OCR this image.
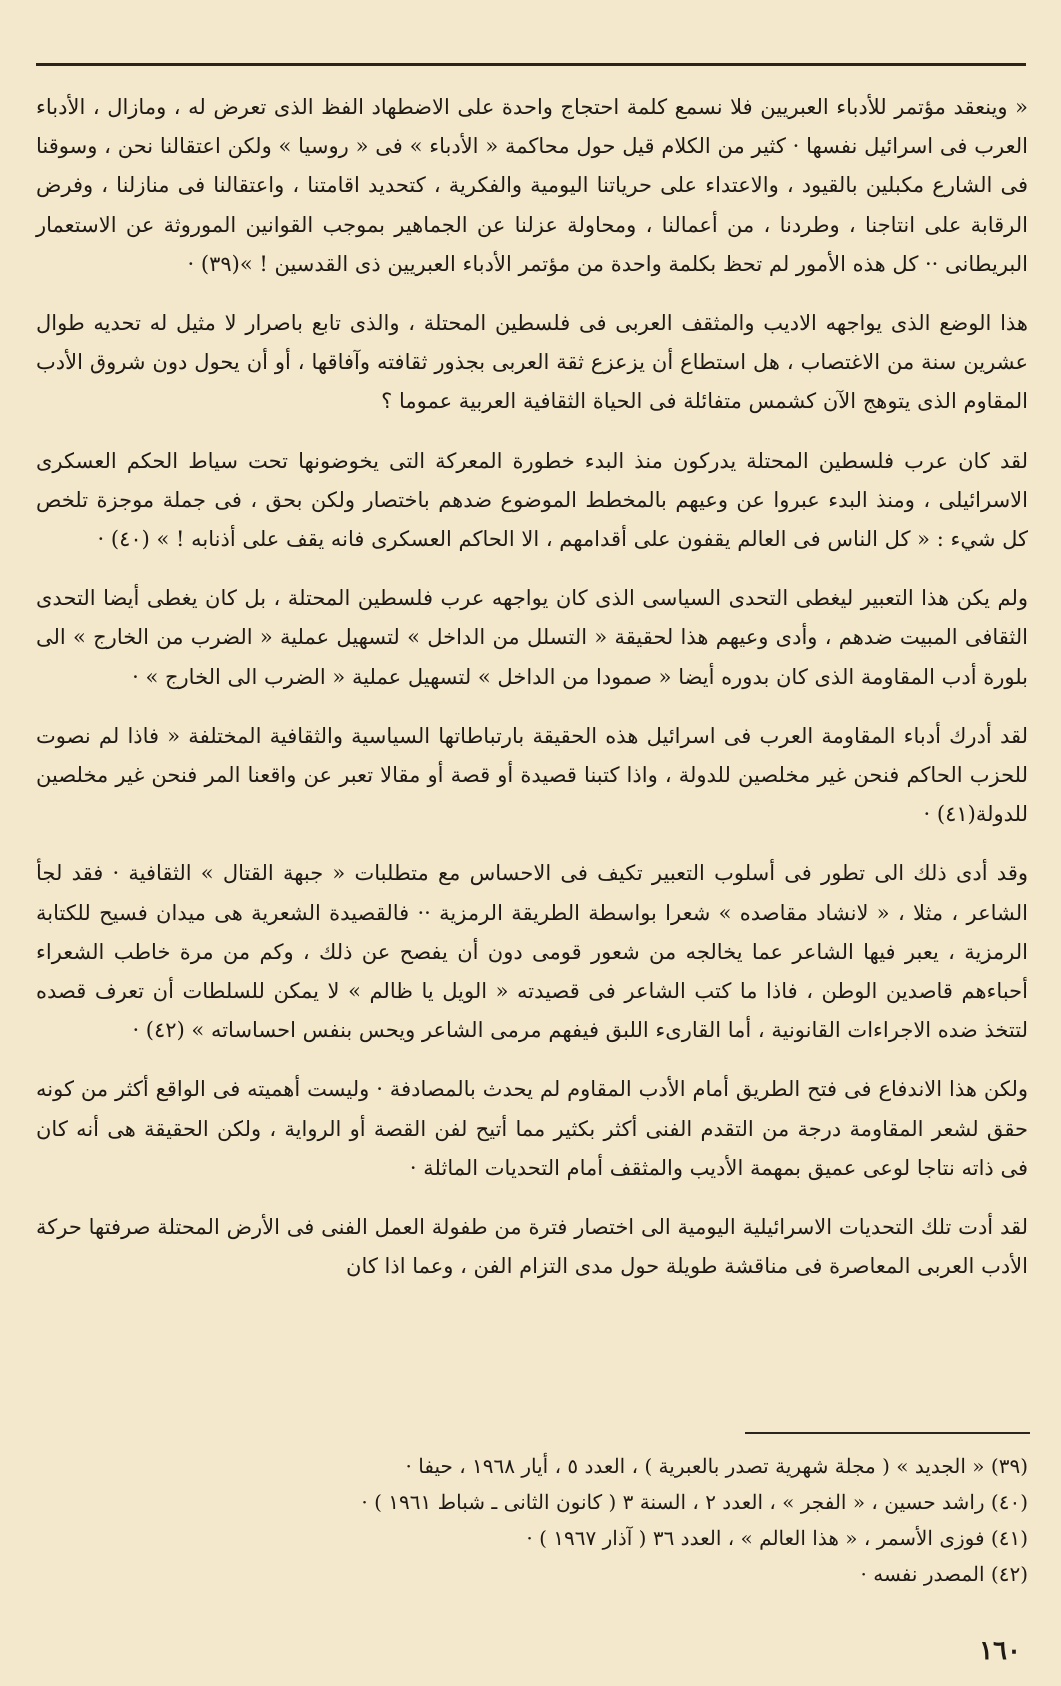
« وينعقد مؤتمر للأدباء العبريين فلا نسمع كلمة احتجاج واحدة على الاضطهاد الفظ الذى تعرض له ، ومازال ، الأدباء العرب فى اسرائيل نفسها · كثير من الكلام قيل حول محاكمة « الأدباء » فى « روسيا » ولكن اعتقالنا نحن ، وسوقنا فى الشارع مكبلين بالقيود ، والاعتداء على حرياتنا اليومية والفكرية ، كتحديد اقامتنا ، واعتقالنا فى منازلنا ، وفرض الرقابة على انتاجنا ، وطردنا ، من أعمالنا ، ومحاولة عزلنا عن الجماهير بموجب القوانين الموروثة عن الاستعمار البريطانى ·· كل هذه الأمور لم تحظ بكلمة واحدة من مؤتمر الأدباء العبريين ذى القدسين ! »(٣٩) ·

هذا الوضع الذى يواجهه الاديب والمثقف العربى فى فلسطين المحتلة ، والذى تابع باصرار لا مثيل له تحديه طوال عشرين سنة من الاغتصاب ، هل استطاع أن يزعزع ثقة العربى بجذور ثقافته وآفاقها ، أو أن يحول دون شروق الأدب المقاوم الذى يتوهج الآن كشمس متفائلة فى الحياة الثقافية العربية عموما ؟

لقد كان عرب فلسطين المحتلة يدركون منذ البدء خطورة المعركة التى يخوضونها تحت سياط الحكم العسكرى الاسرائيلى ، ومنذ البدء عبروا عن وعيهم بالمخطط الموضوع ضدهم باختصار ولكن بحق ، فى جملة موجزة تلخص كل شيء : « كل الناس فى العالم يقفون على أقدامهم ، الا الحاكم العسكرى فانه يقف على أذنابه ! » (٤٠) ·

ولم يكن هذا التعبير ليغطى التحدى السياسى الذى كان يواجهه عرب فلسطين المحتلة ، بل كان يغطى أيضا التحدى الثقافى المبيت ضدهم ، وأدى وعيهم هذا لحقيقة « التسلل من الداخل » لتسهيل عملية « الضرب من الخارج » الى بلورة أدب المقاومة الذى كان بدوره أيضا « صمودا من الداخل » لتسهيل عملية « الضرب الى الخارج » ·

لقد أدرك أدباء المقاومة العرب فى اسرائيل هذه الحقيقة بارتباطاتها السياسية والثقافية المختلفة « فاذا لم نصوت للحزب الحاكم فنحن غير مخلصين للدولة ، واذا كتبنا قصيدة أو قصة أو مقالا تعبر عن واقعنا المر فنحن غير مخلصين للدولة(٤١) ·

وقد أدى ذلك الى تطور فى أسلوب التعبير تكيف فى الاحساس مع متطلبات « جبهة القتال » الثقافية · فقد لجأ الشاعر ، مثلا ، « لانشاد مقاصده » شعرا بواسطة الطريقة الرمزية ·· فالقصيدة الشعرية هى ميدان فسيح للكتابة الرمزية ، يعبر فيها الشاعر عما يخالجه من شعور قومى دون أن يفصح عن ذلك ، وكم من مرة خاطب الشعراء أحباءهم قاصدين الوطن ، فاذا ما كتب الشاعر فى قصيدته « الويل يا ظالم » لا يمكن للسلطات أن تعرف قصده لتتخذ ضده الاجراءات القانونية ، أما القارىء اللبق فيفهم مرمى الشاعر ويحس بنفس احساساته » (٤٢) ·

ولكن هذا الاندفاع فى فتح الطريق أمام الأدب المقاوم لم يحدث بالمصادفة · وليست أهميته فى الواقع أكثر من كونه حقق لشعر المقاومة درجة من التقدم الفنى أكثر بكثير مما أتيح لفن القصة أو الرواية ، ولكن الحقيقة هى أنه كان فى ذاته نتاجا لوعى عميق بمهمة الأديب والمثقف أمام التحديات الماثلة ·

لقد أدت تلك التحديات الاسرائيلية اليومية الى اختصار فترة من طفولة العمل الفنى فى الأرض المحتلة صرفتها حركة الأدب العربى المعاصرة فى مناقشة طويلة حول مدى التزام الفن ، وعما اذا كان

(٣٩) « الجديد » ( مجلة شهرية تصدر بالعبرية ) ، العدد ٥ ، أيار ١٩٦٨ ، حيفا ·
(٤٠) راشد حسين ، « الفجر » ، العدد ٢ ، السنة ٣ ( كانون الثانى ـ شباط ١٩٦١ ) ·
(٤١) فوزى الأسمر ، « هذا العالم » ، العدد ٣٦ ( آذار ١٩٦٧ ) ·
(٤٢) المصدر نفسه ·
١٦٠
